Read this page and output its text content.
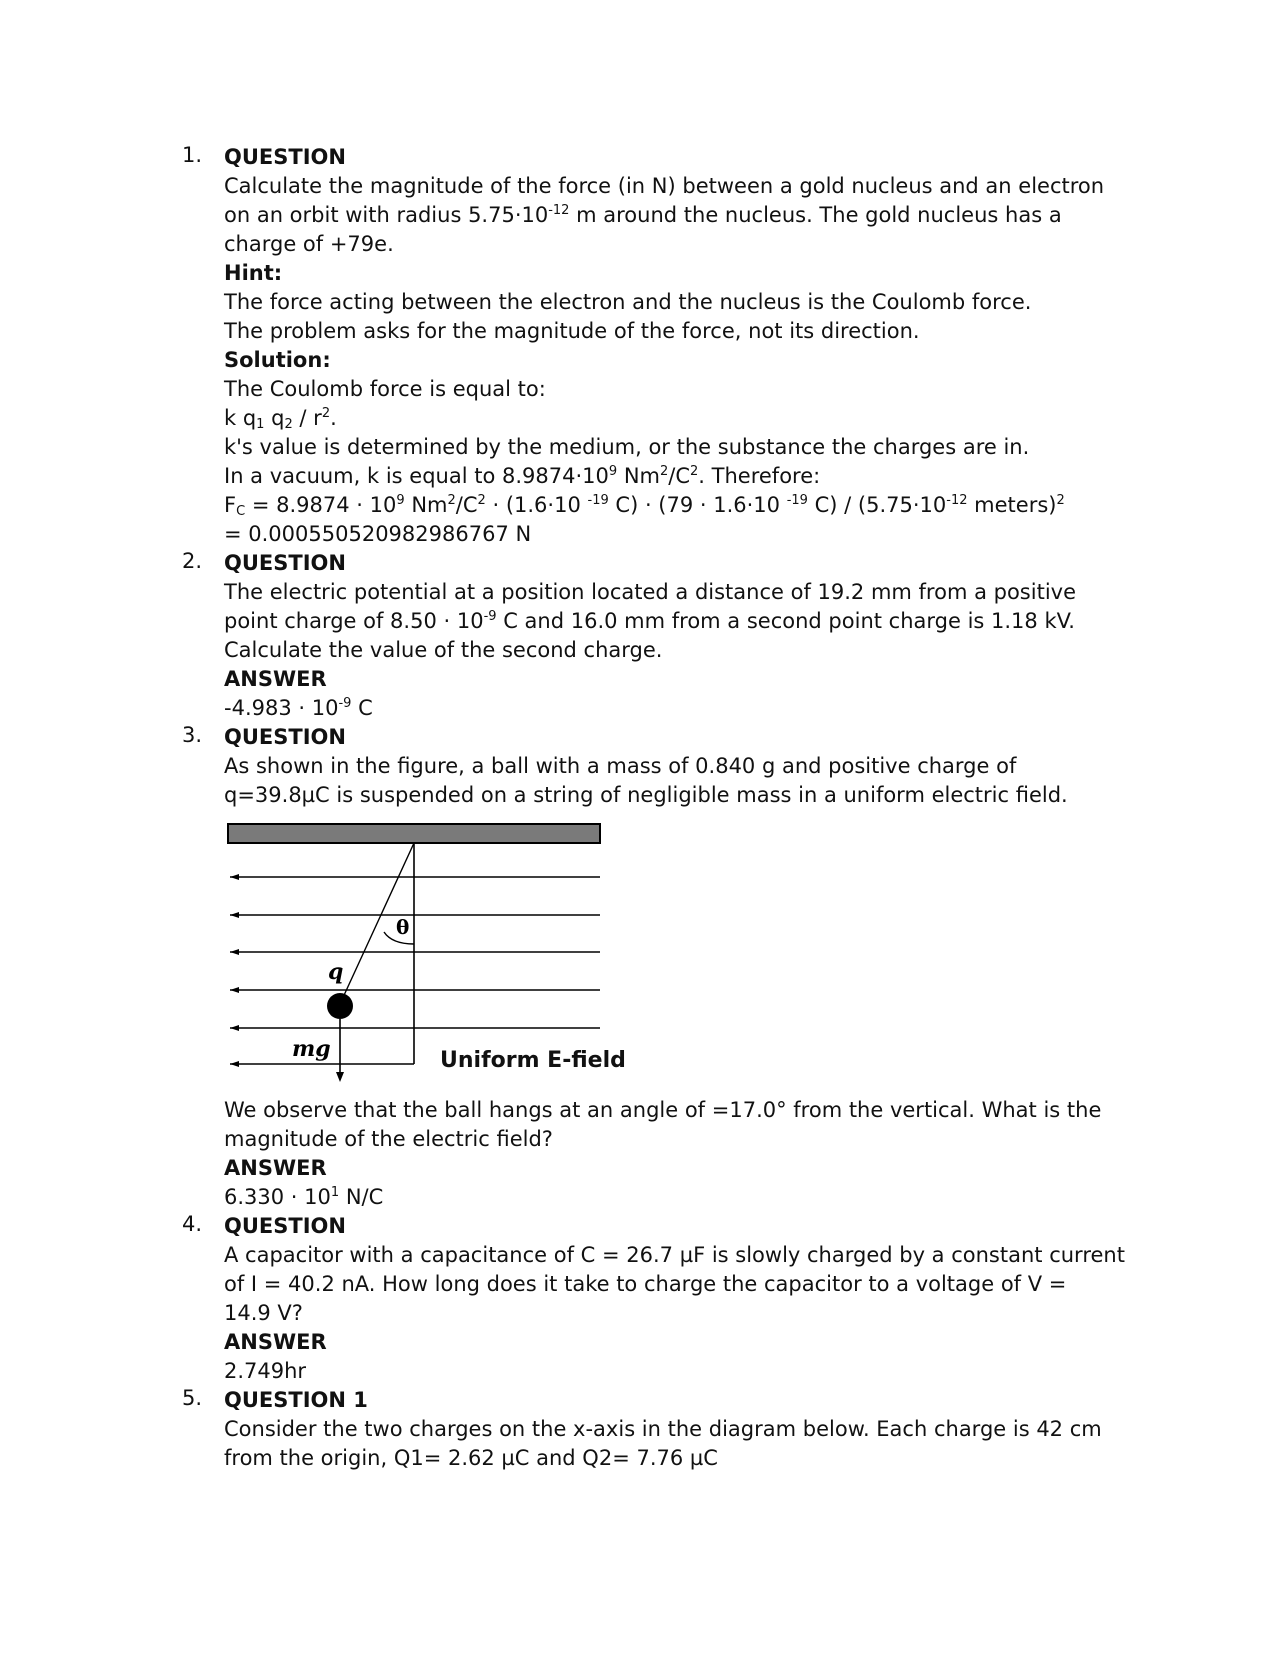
1.	QUESTION

Calculate the magnitude of the force (in N) between a gold nucleus and an electron

on an orbit with radius $5.75\cdot 10^{-12}$ m around the nucleus. The gold nucleus has a

charge of +79e.

Hint:

The force acting between the electron and the nucleus is the Coulomb force.

The problem asks for the magnitude of the force, not its direction.

Solution:

The Coulomb force is equal to:

k $q_1$ $q_2 / r^2$.

k's value is determined by the medium, or the substance the charges are in.

In a vacuum, k is equal to $8.9874\cdot 10^9$ $Nm^2/C^2$. Therefore:

$F_C = 8.9874 \cdot 10^9$ $Nm^2/C^2 \cdot (1.6\cdot 10$ $^{-19}$ C) · (79 · 1.6·10 $^{-19}$ $C) / (5.75\cdot 10^{-12}$ meters)$^2$

= 0.000550520982986767 N

2.	QUESTION

The electric potential at a position located a distance of 19.2 mm from a positive

point charge of $8.50 \cdot 10^{-9}$ C and 16.0 mm from a second point charge is 1.18 kV.

Calculate the value of the second charge.

ANSWER

$-4.983 \cdot 10^{-9}$ C

3.	QUESTION

As shown in the figure, a ball with a mass of 0.840 g and positive charge of

q=39.8µC is suspended on a string of negligible mass in a uniform electric field.

θ
q
mg	Uniform E-field

We observe that the ball hangs at an angle of =17.0° from the vertical. What is the

magnitude of the electric field?

ANSWER

$6.330 \cdot 10^1$ N/C

4.	QUESTION

A capacitor with a capacitance of C = 26.7 µF is slowly charged by a constant current

of I = 40.2 nA. How long does it take to charge the capacitor to a voltage of V =

14.9 V?

ANSWER

2.749hr

5.	QUESTION 1

Consider the two charges on the x-axis in the diagram below. Each charge is 42 cm

from the origin, Q1= 2.62 µC and Q2= 7.76 µC
